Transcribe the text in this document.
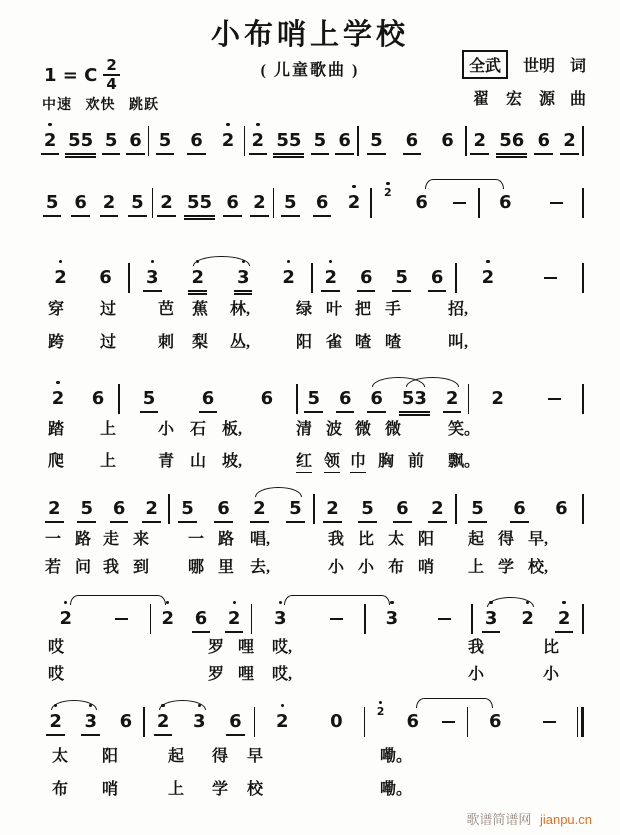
小布哨上学校
( 儿童歌曲 )
1 = C $\frac{2}{4}$
中速 欢快 跳跃
全武	世明 词
翟宏源
曲
2 55 5 6 5 6 2 2 55 5 6 5 6 6 2 56 6 2
5 6 2 5 2 55 6 2 5 6 2 2 6	6
2 6 3 2 3 2 2 6 5 6 2
2 6 5	6	6 5 6 6 53 2 2
2 5 6 2 5 6 2 5 2 5 6 2 5 6 6
2	2 6 2 3	3	3 2 2
2 3 6 2 3 6 2 0	2 6	6
穿 过	芭 蕉 林,	绿 叶 把 手	招,
跨 过	刺 梨 丛,	阳 雀 喳 喳	叫,
踏 上	小 石 板,	清 波 微 微	笑。
爬 上	青 山 坡,	红 领 巾 胸 前 飘。
一 路 走 来 一 路 唱,	我 比 太 阳 起 得 早,
若 问 我 到 哪 里 去,	小 小 布 哨 上 学 校,
哎	罗 哩 哎,	我	比
哎	罗 哩 哎,	小	小
太 阳	起 得 早	嘞。
布 哨	上 学 校	嘞。
歌谱简谱网 jianpu.cn
